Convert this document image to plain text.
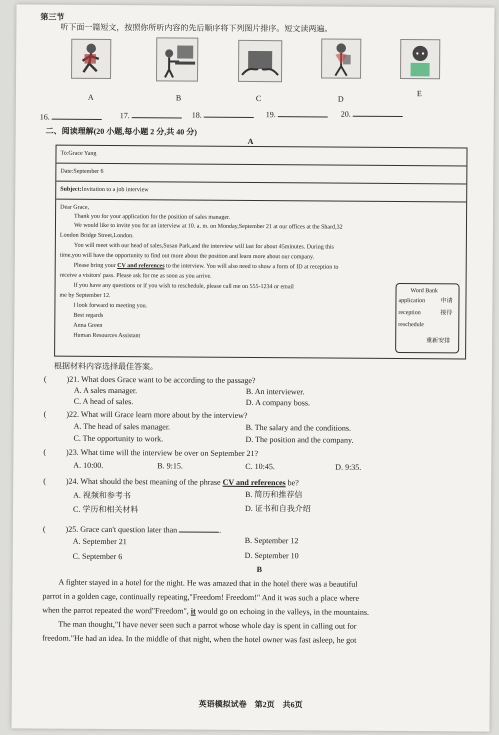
第三节
听下面一篇短文，按照你所听内容的先后顺序将下列图片排序。短文读两遍。
A	B	C	D
E
16.	17.	18.	19.	20.
二、阅读理解(20 小题,每小题 2 分,共 40 分)
A
To:Grace Yang
Date:September 6
Subject:Invitation to a job interview
Dear Grace,
Thank you for your application for the position of sales manager.
We would like to invite you for an interview at 10. a. m. on Monday,September 21 at our offices at the Shard,32
London Bridge Street,London.
You will meet with our head of sales,Susan Park,and the interview will last for about 45minutes. During this
time,you will have the opportunity to find out more about the position and learn more about our company.
Please bring your CV and references to the interview. You will also need to show a form of ID at reception to
receive a visitors' pass. Please ask for me as soon as you arrive.
If you have any questions or if you wish to reschedule, please call me on 555-1234 or email
me by September 12.
I look forward to meeting you.
Best regards
Anna Green
Human Resources Assistant
Word Bank
application	申请
reception	接待
reschedule
重新安排
根据材料内容选择最佳答案。
( )21. What does Grace want to be according to the passage?
A. A sales manager.	B. An interviewer.
C. A head of sales.	D. A company boss.
( )22. What will Grace learn more about by the interview?
A. The head of sales manager.	B. The salary and the conditions.
C. The opportunity to work.	D. The position and the company.
( )23. What time will the interview be over on September 21?
A. 10:00.	B. 9:15.	C. 10:45.	D. 9:35.
( )24. What should the best meaning of the phrase CV and references be?
A. 视频和参考书	B. 简历和推荐信
C. 学历和相关材料	D. 证书和自我介绍
( )25. Grace can't question later than	.
A. September 21	B. September 12
C. September 6	D. September 10
B
A fighter stayed in a hotel for the night. He was amazed that in the hotel there was a beautiful
parrot in a golden cage, continually repeating,"Freedom! Freedom!" And it was such a place where
when the parrot repeated the word"Freedom", it would go on echoing in the valleys, in the mountains.
The man thought,"I have never seen such a parrot whose whole day is spent in calling out for
freedom."He had an idea. In the middle of that night, when the hotel owner was fast asleep, he got
英语模拟试卷　第2页　共6页
